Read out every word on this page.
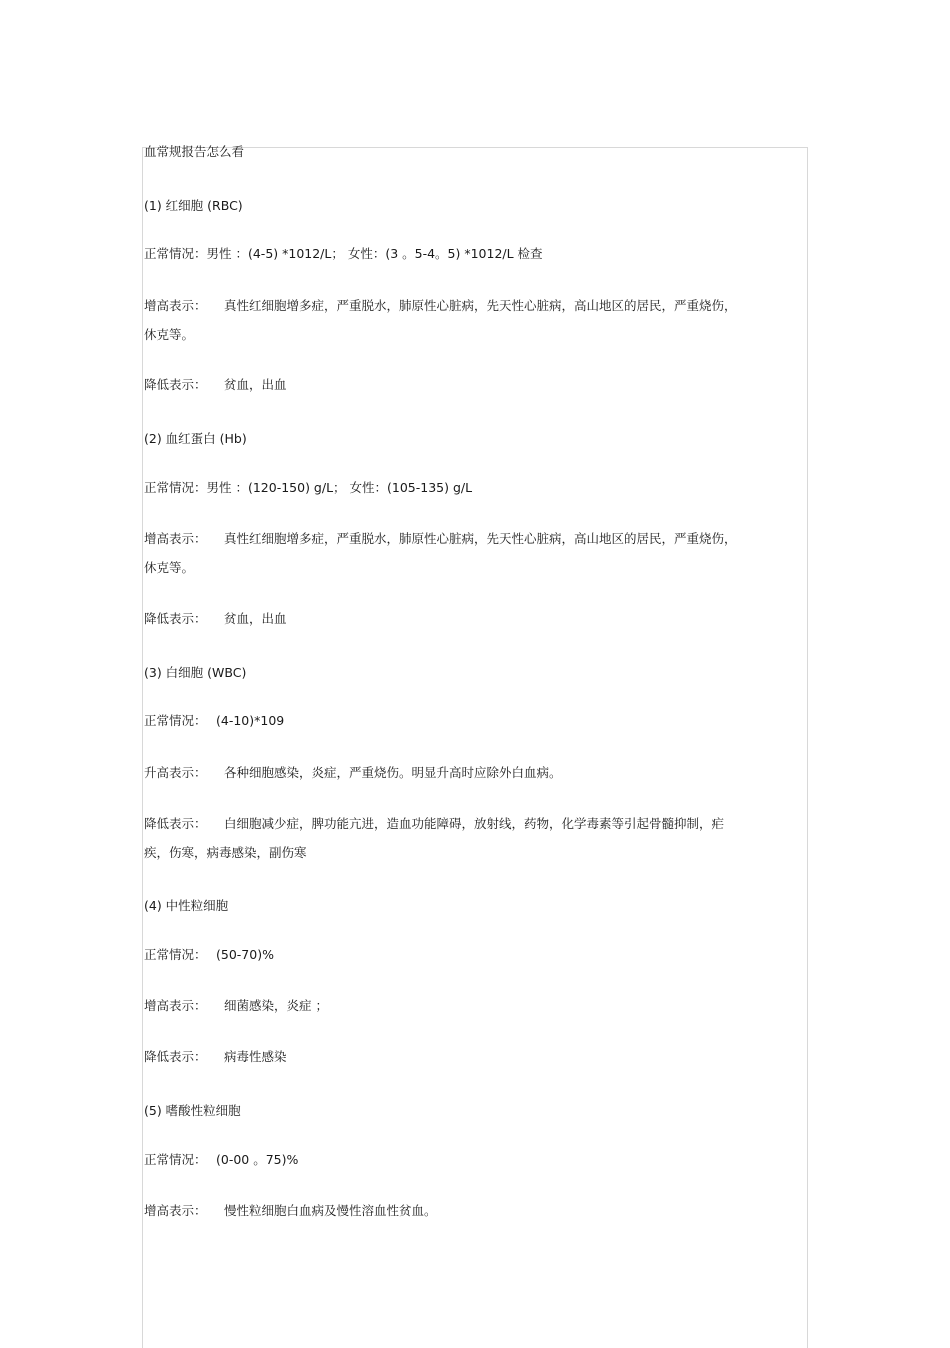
血常规报告怎么看
(1) 红细胞 (RBC)
正常情况：男性 ：(4-5) *1012/L； 女性：(3 。5-4。5) *1012/L 检查
增高表示： 真性红细胞增多症，严重脱水，肺原性心脏病，先天性心脏病，高山地区的居民，严重烧伤，休克等。
降低表示： 贫血，出血
(2) 血红蛋白 (Hb)
正常情况：男性 ：(120-150) g/L； 女性：(105-135) g/L
增高表示： 真性红细胞增多症，严重脱水，肺原性心脏病，先天性心脏病，高山地区的居民，严重烧伤，休克等。
降低表示： 贫血，出血
(3) 白细胞 (WBC)
正常情况： (4-10)*109
升高表示： 各种细胞感染，炎症，严重烧伤。明显升高时应除外白血病。
降低表示： 白细胞减少症，脾功能亢进，造血功能障碍，放射线，药物，化学毒素等引起骨髓抑制，疟疾，伤寒，病毒感染，副伤寒
(4) 中性粒细胞
正常情况： (50-70)%
增高表示： 细菌感染，炎症 ；
降低表示： 病毒性感染
(5) 嗜酸性粒细胞
正常情况： (0-00 。75)%
增高表示： 慢性粒细胞白血病及慢性溶血性贫血。
